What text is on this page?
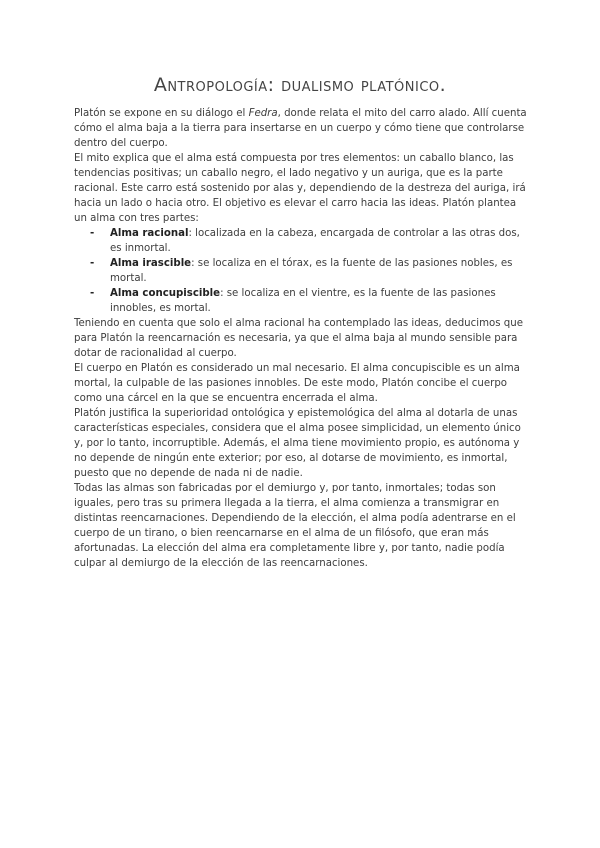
Antropología: dualismo platónico.

Platón se expone en su diálogo el Fedra, donde relata el mito del carro alado. Allí cuenta cómo el alma baja a la tierra para insertarse en un cuerpo y cómo tiene que controlarse dentro del cuerpo.

El mito explica que el alma está compuesta por tres elementos: un caballo blanco, las tendencias positivas; un caballo negro, el lado negativo y un auriga, que es la parte racional. Este carro está sostenido por alas y, dependiendo de la destreza del auriga, irá hacia un lado o hacia otro. El objetivo es elevar el carro hacia las ideas. Platón plantea un alma con tres partes:

- Alma racional: localizada en la cabeza, encargada de controlar a las otras dos, es inmortal.
- Alma irascible: se localiza en el tórax, es la fuente de las pasiones nobles, es mortal.
- Alma concupiscible: se localiza en el vientre, es la fuente de las pasiones innobles, es mortal.

Teniendo en cuenta que solo el alma racional ha contemplado las ideas, deducimos que para Platón la reencarnación es necesaria, ya que el alma baja al mundo sensible para dotar de racionalidad al cuerpo.

El cuerpo en Platón es considerado un mal necesario. El alma concupiscible es un alma mortal, la culpable de las pasiones innobles. De este modo, Platón concibe el cuerpo como una cárcel en la que se encuentra encerrada el alma.

Platón justifica la superioridad ontológica y epistemológica del alma al dotarla de unas características especiales, considera que el alma posee simplicidad, un elemento único y, por lo tanto, incorruptible. Además, el alma tiene movimiento propio, es autónoma y no depende de ningún ente exterior; por eso, al dotarse de movimiento, es inmortal, puesto que no depende de nada ni de nadie.

Todas las almas son fabricadas por el demiurgo y, por tanto, inmortales; todas son iguales, pero tras su primera llegada a la tierra, el alma comienza a transmigrar en distintas reencarnaciones. Dependiendo de la elección, el alma podía adentrarse en el cuerpo de un tirano, o bien reencarnarse en el alma de un filósofo, que eran más afortunadas. La elección del alma era completamente libre y, por tanto, nadie podía culpar al demiurgo de la elección de las reencarnaciones.
